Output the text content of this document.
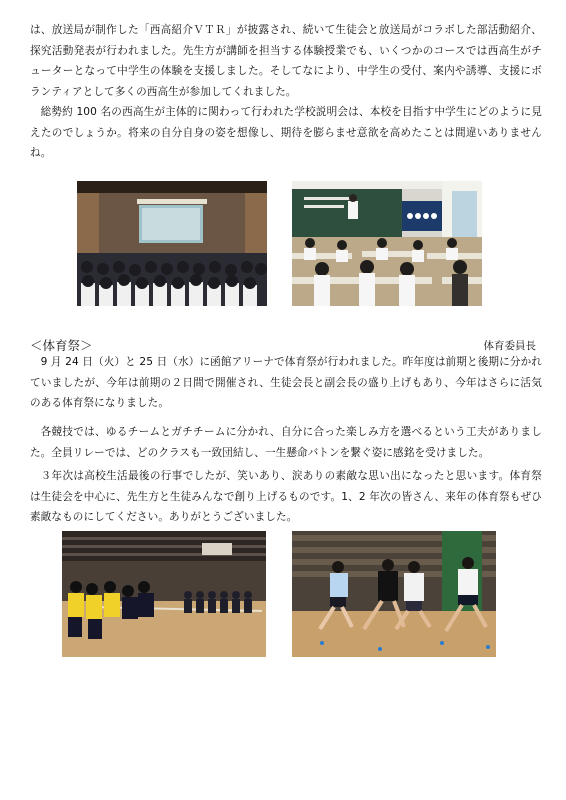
は、放送局が制作した「西高紹介ＶＴＲ」が披露され、続いて生徒会と放送局がコラボした部活動紹介、探究活動発表が行われました。先生方が講師を担当する体験授業でも、いくつかのコースでは西高生がチューターとなって中学生の体験を支援しました。そしてなにより、中学生の受付、案内や誘導、支援にボランティアとして多くの西高生が参加してくれました。

総勢約 100 名の西高生が主体的に関わって行われた学校説明会は、本校を目指す中学生にどのように見えたのでしょうか。将来の自分自身の姿を想像し、期待を膨らませ意欲を高めたことは間違いありませんね。

＜体育祭＞	体育委員長

9 月 24 日（火）と 25 日（水）に函館アリーナで体育祭が行われました。昨年度は前期と後期に分かれていましたが、今年は前期の２日間で開催され、生徒会長と副会長の盛り上げもあり、今年はさらに活気のある体育祭になりました。

各競技では、ゆるチームとガチチームに分かれ、自分に合った楽しみ方を選べるという工夫がありました。全員リレーでは、どのクラスも一致団結し、一生懸命バトンを繋ぐ姿に感銘を受けました。

３年次は高校生活最後の行事でしたが、笑いあり、涙ありの素敵な思い出になったと思います。体育祭は生徒会を中心に、先生方と生徒みんなで創り上げるものです。1、2 年次の皆さん、来年の体育祭もぜひ素敵なものにしてください。ありがとうございました。
